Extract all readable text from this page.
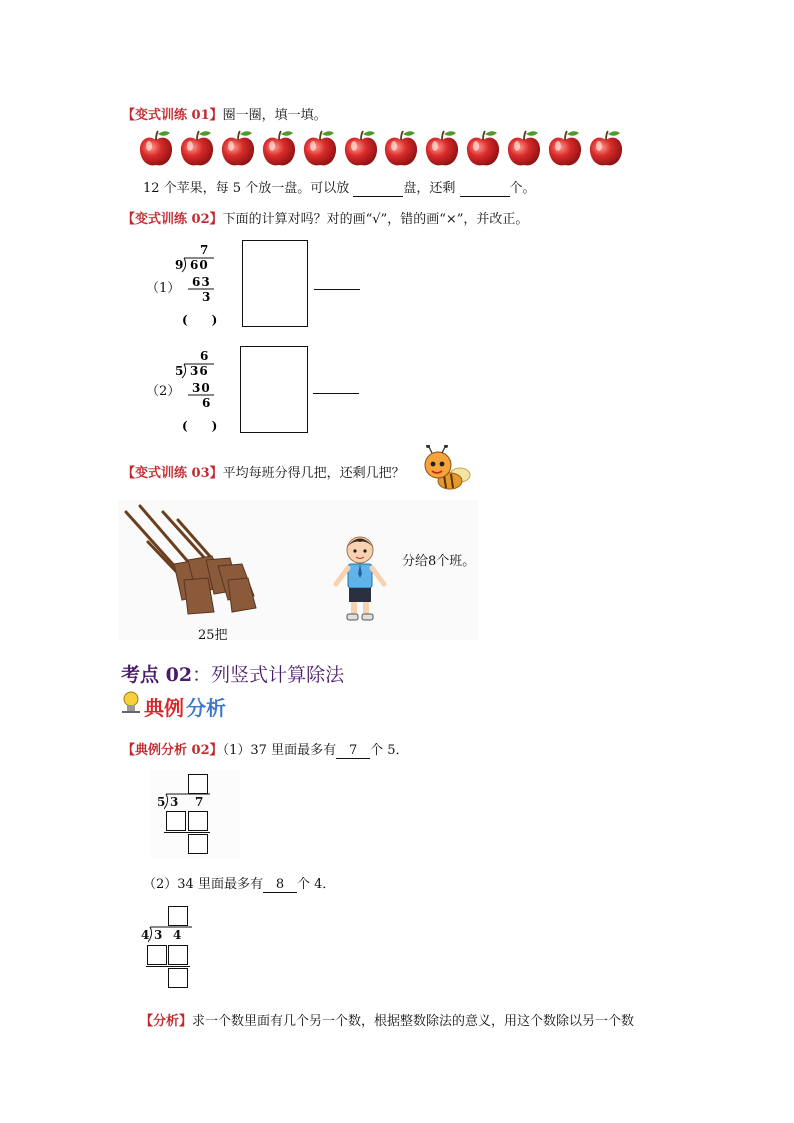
【变式训练 01】圈一圈，填一填。
12 个苹果，每 5 个放一盘。可以放	盘，还剩	个。
【变式训练 02】下面的计算对吗？对的画“√”，错的画“×”，并改正。
（1）
7
9 60
63
3
(　　)
（2）
6
5 36
30
6
(　　)
【变式训练 03】平均每班分得几把，还剩几把？
25把
分给8个班。
考点 02：列竖式计算除法
典例 分析
【典例分析 02】（1）37 里面最多有 7 个 5．
5 3 7
（2）34 里面最多有 8 个 4．
4 3 4
【分析】求一个数里面有几个另一个数，根据整数除法的意义，用这个数除以另一个数
